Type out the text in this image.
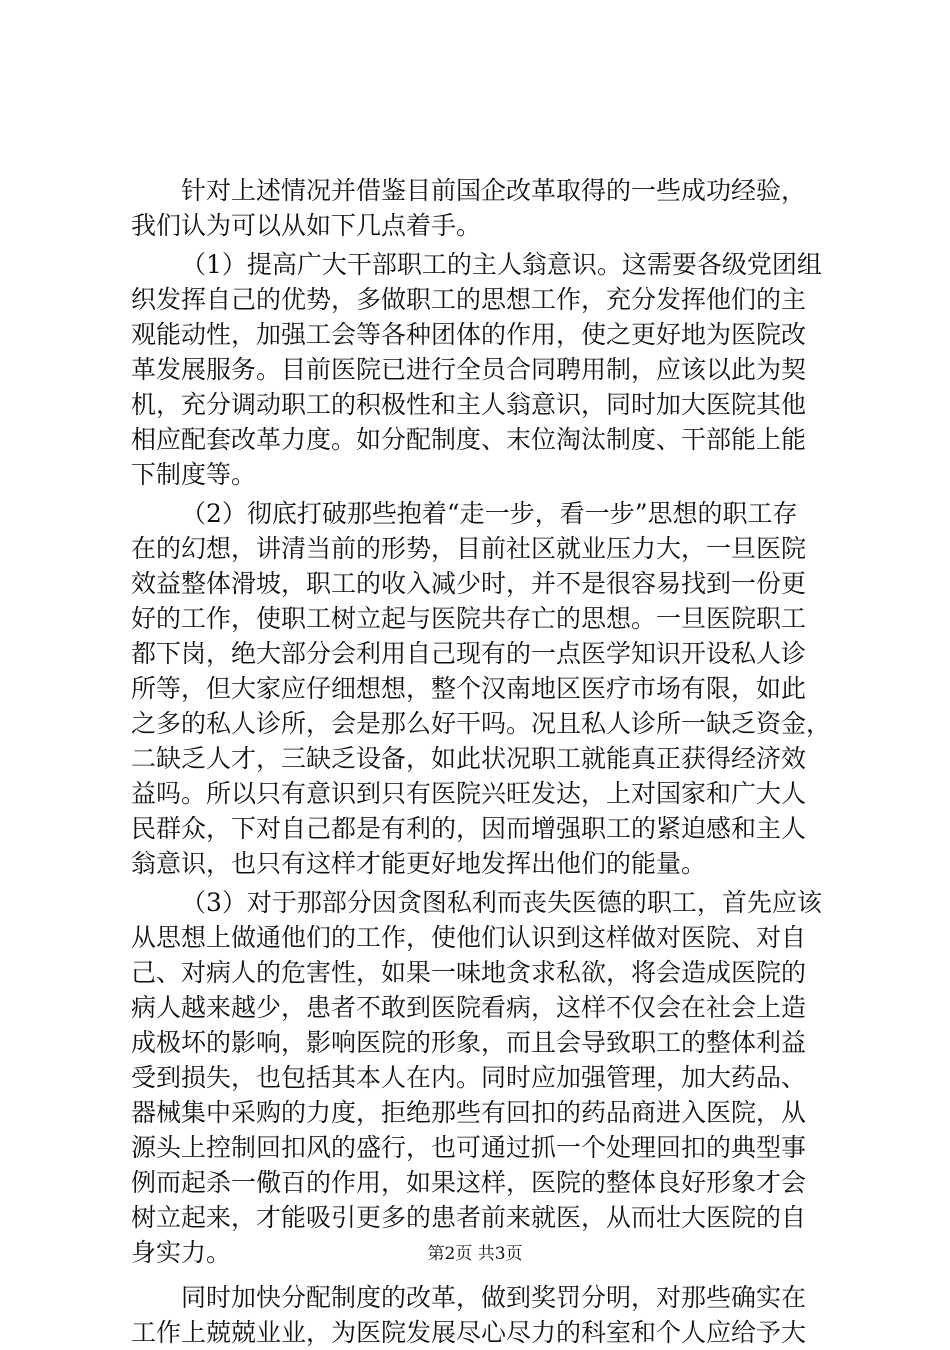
针对上述情况并借鉴目前国企改革取得的一些成功经验，
我们认为可以从如下几点着手。
（1）提高广大干部职工的主人翁意识。这需要各级党团组
织发挥自己的优势，多做职工的思想工作，充分发挥他们的主
观能动性，加强工会等各种团体的作用，使之更好地为医院改
革发展服务。目前医院已进行全员合同聘用制，应该以此为契
机，充分调动职工的积极性和主人翁意识，同时加大医院其他
相应配套改革力度。如分配制度、末位淘汰制度、干部能上能
下制度等。
（2）彻底打破那些抱着“走一步，看一步”思想的职工存
在的幻想，讲清当前的形势，目前社区就业压力大，一旦医院
效益整体滑坡，职工的收入减少时，并不是很容易找到一份更
好的工作，使职工树立起与医院共存亡的思想。一旦医院职工
都下岗，绝大部分会利用自己现有的一点医学知识开设私人诊
所等，但大家应仔细想想，整个汉南地区医疗市场有限，如此
之多的私人诊所，会是那么好干吗。况且私人诊所一缺乏资金，
二缺乏人才，三缺乏设备，如此状况职工就能真正获得经济效
益吗。所以只有意识到只有医院兴旺发达，上对国家和广大人
民群众，下对自己都是有利的，因而增强职工的紧迫感和主人
翁意识，也只有这样才能更好地发挥出他们的能量。
（3）对于那部分因贪图私利而丧失医德的职工，首先应该
从思想上做通他们的工作，使他们认识到这样做对医院、对自
己、对病人的危害性，如果一味地贪求私欲，将会造成医院的
病人越来越少，患者不敢到医院看病，这样不仅会在社会上造
成极坏的影响，影响医院的形象，而且会导致职工的整体利益
受到损失，也包括其本人在内。同时应加强管理，加大药品、
器械集中采购的力度，拒绝那些有回扣的药品商进入医院，从
源头上控制回扣风的盛行，也可通过抓一个处理回扣的典型事
例而起杀一儆百的作用，如果这样，医院的整体良好形象才会
树立起来，才能吸引更多的患者前来就医，从而壮大医院的自
身实力。
同时加快分配制度的改革，做到奖罚分明，对那些确实在
工作上兢兢业业，为医院发展尽心尽力的科室和个人应给予大
第2页 共3页
